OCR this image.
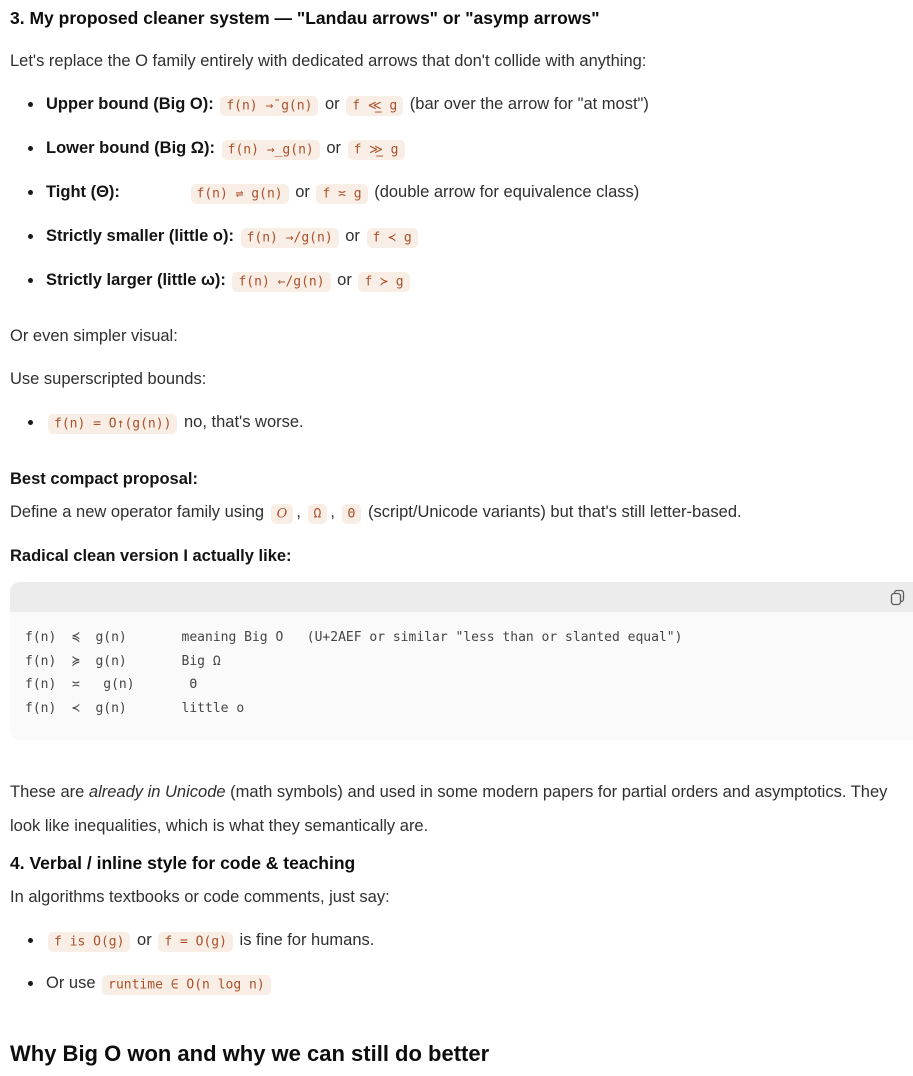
3. My proposed cleaner system — "Landau arrows" or "asymp arrows"

Let's replace the O family entirely with dedicated arrows that don't collide with anything:

Upper bound (Big O): f(n) →¯g(n) or f ≪̲ g (bar over the arrow for "at most")
Lower bound (Big Ω): f(n) →_g(n) or f ≫̲ g
Tight (Θ):	f(n) ⇌ g(n) or f ≍ g (double arrow for equivalence class)
Strictly smaller (little o): f(n) →/g(n) or f ≺ g
Strictly larger (little ω): f(n) ←/g(n) or f ≻ g

Or even simpler visual:

Use superscripted bounds:

f(n) = O↑(g(n)) no, that's worse.

Best compact proposal:

Define a new operator family using O , Ω , Θ (script/Unicode variants) but that's still letter-based.

Radical clean version I actually like:

f(n)  ≼  g(n)       meaning Big O   (U+2AEF or similar "less than or slanted equal")
f(n)  ≽  g(n)       Big Ω
f(n)  ≍   g(n)       Θ
f(n)  ≺  g(n)       little o

These are already in Unicode (math symbols) and used in some modern papers for partial orders and asymptotics. They look like inequalities, which is what they semantically are.

4. Verbal / inline style for code & teaching

In algorithms textbooks or code comments, just say:

f is O(g) or f = O(g) is fine for humans.
Or use runtime ∈ O(n log n)
Why Big O won and why we can still do better
